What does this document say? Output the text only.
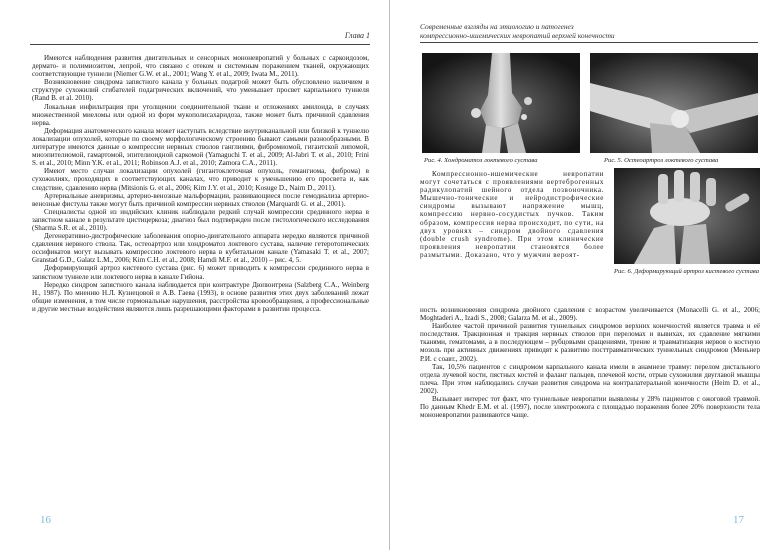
Глава 1

Имеются наблюдения развития двигательных и сенсорных мононевропатий у больных с саркоидозом, дермато- и полимиозитом, лепрой, что связано с отеком и системным поражением тканей, окружающих соответствующие туннели (Niemer G.W. et al., 2001; Wang Y. et al., 2009; Iwata M., 2011).

Возникновение синдрома запястного канала у больных подагрой может быть обусловлено наличием в структуре сухожилий сгибателей подагрических включений, что уменьшает просвет карпального туннеля (Rand B. et al. 2010).

Локальная инфильтрация при утолщении соединительной ткани и отложениях амилоида, в случаях множественной миеломы или одной из форм мукополисахаридоза, также может быть причиной сдавления нерва.

Деформация анатомического канала может наступать вследствие внутриканальной или близкой к туннелю локализации опухолей, которые по своему морфологическому строению бывают самыми разнообразными. В литературе имеются данные о компрессии нервных стволов ганглиями, фибромиомой, гигантской липомой, миоэпителиомой, гамартомой, эпителиоидной саркомой (Yamaguchi T. et al., 2009; Al-Jabri T. et al., 2010; Frini S. et al., 2010; Minn Y.K. et al., 2011; Robinson A.J. et al., 2010; Zamora C.A., 2011).

Имеют место случаи локализации опухолей (гигантоклеточная опухоль, гемангиома, фиброма) в сухожилиях, проходящих в соответствующих каналах, что приводит к уменьшению его просвета и, как следствие, сдавлению нерва (Mitsionis G. et al., 2006; Kim J.Y. et al., 2010; Kosuge D., Nairn D., 2011).

Артериальные аневризмы, артерио-венозные мальформации, развивающиеся после гемодиализа артерио-венозные фистулы также могут быть причиной компрессии нервных стволов (Marquardt G. et al., 2001).

Специалисты одной из индийских клиник наблюдали редкий случай компрессии срединного нерва в запястном канале в результате цистицеркоза; диагноз был подтвержден после гистологического исследования (Sharma S.R. et al., 2010).

Дегенеративно-дистрофические заболевания опорно-двигательного аппарата нередко являются причиной сдавления нервного ствола. Так, остеоартроз или хондроматоз локтевого сустава, наличие гетеротопических оссификатов могут вызывать компрессию локтевого нерва в кубитальном канале (Yamasaki T. et al., 2007; Granstad G.D., Galatz L.M., 2006; Kim C.H. et al., 2008; Hamdi M.F. et al., 2010) – рис. 4, 5.

Деформирующий артроз кистевого сустава (рис. 6) может приводить к компрессии срединного нерва в запястном туннеле или локтевого нерва в канале Гийона.

Нередко синдром запястного канала наблюдается при контрактуре Дюпюитрена (Salzberg C.A., Weinberg H., 1987). По мнению Н.Л. Кузнецовой и А.В. Гаева (1993), в основе развития этих двух заболеваний лежат общие изменения, в том числе гормональные нарушения, расстройства кровообращения, а профессиональные и другие местные воздействия являются лишь разрешающими факторами в развитии процесса.

16
Современные взгляды на этиологию и патогенез
компрессионно-ишемических невропатий верхней конечности
Рис. 4. Хондроматоз локтевого сустава	Рис. 5. Остеоартроз локтевого сустава

Компрессионно-ишемические невропатии могут сочетаться с проявлениями вертеброгенных радикулопатий шейного отдела позвоночника. Мышечно-тонические и нейродистрофические синдромы вызывают напряжение мышц, компрессию нервно-сосудистых пучков. Таким образом, компрессия нерва происходит, по сути, на двух уровнях – синдром двойного сдавления (double crush syndrome). При этом клинические проявления невропатии становятся более размытыми. Доказано, что у мужчин вероят-

Рис. 6. Деформирующий артроз кистевого сустава

ность возникновения синдрома двойного сдавления с возрастом увеличивается (Monacelli G. et al., 2006; Moghtaderi A., Izadi S., 2008; Galarza M. et al., 2009).

Наиболее частой причиной развития туннельных синдромов верхних конечностей является травма и её последствия. Тракционная и тракция нервных стволов при переломах и вывихах, их сдавление мягкими тканями, гематомами, а в последующем – рубцовыми сращениями, трение и травматизация нервов о костную мозоль при активных движениях приводят к развитию посттравматических туннельных синдромов (Меньнер Р.И. с соавт., 2002).

Так, 10,5% пациентов с синдромом карпального канала имели в анамнезе травму: перелом дистального отдела лучевой кости, пястных костей и фаланг пальцев, плечевой кости, отрыв сухожилия двуглавой мышцы плеча. При этом наблюдались случаи развития синдрома на контралатеральной конечности (Heim D. et al., 2002).

Вызывает интерес тот факт, что туннельные невропатии выявлены у 28% пациентов с ожоговой травмой. По данным Khedr E.M. et al. (1997), после электроожога с площадью поражения более 20% поверхности тела мононевропатии развиваются чаще.

17
